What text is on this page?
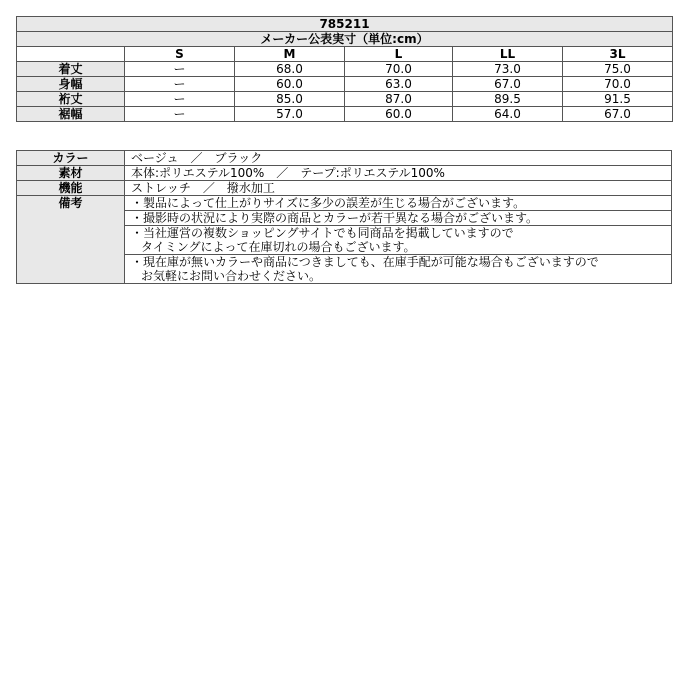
785211					
メーカー公表実寸（単位:cm）					
	S	M	L	LL	3L
着丈	ー	68.0	70.0	73.0	75.0
身幅	ー	60.0	63.0	67.0	70.0
裄丈	ー	85.0	87.0	89.5	91.5
裾幅	ー	57.0	60.0	64.0	67.0
カラー	ベージュ　／　ブラック
素材	本体:ポリエステル100%　／　テープ:ポリエステル100%
機能	ストレッチ　／　撥水加工
備考	・製品によって仕上がりサイズに多少の誤差が生じる場合がございます。

	・撮影時の状況により実際の商品とカラーが若干異なる場合がございます。

	・当社運営の複数ショッピングサイトでも同商品を掲載していますので
タイミングによって在庫切れの場合もございます。

	・現在庫が無いカラーや商品につきましても、在庫手配が可能な場合もございますので
お気軽にお問い合わせください。
